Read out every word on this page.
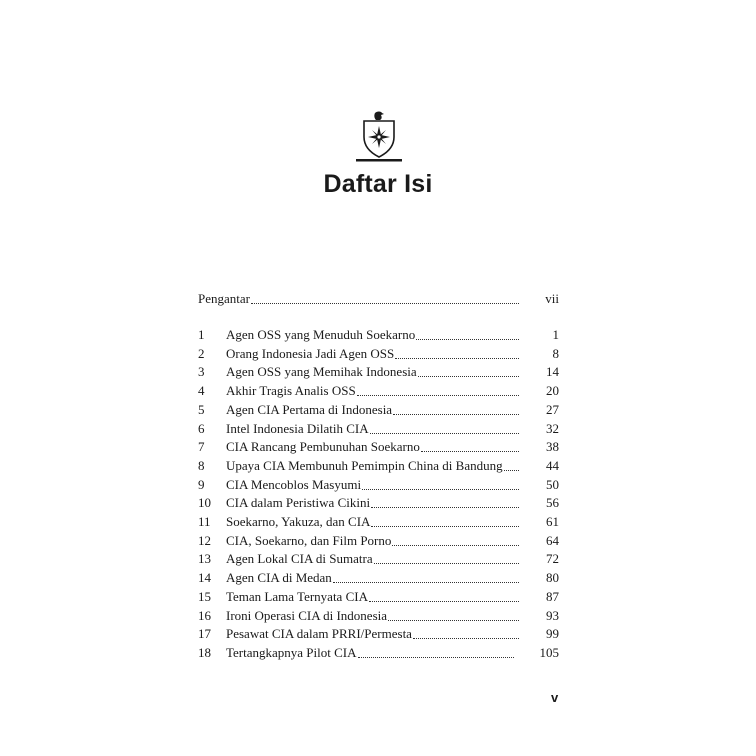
Daftar Isi
Pengantar	vii
1	Agen OSS yang Menuduh Soekarno	1
2	Orang Indonesia Jadi Agen OSS	8
3	Agen OSS yang Memihak Indonesia	14
4	Akhir Tragis Analis OSS	20
5	Agen CIA Pertama di Indonesia	27
6	Intel Indonesia Dilatih CIA	32
7	CIA Rancang Pembunuhan Soekarno	38
8	Upaya CIA Membunuh Pemimpin China di Bandung	44
9	CIA Mencoblos Masyumi	50
10	CIA dalam Peristiwa Cikini	56
11	Soekarno, Yakuza, dan CIA	61
12	CIA, Soekarno, dan Film Porno	64
13	Agen Lokal CIA di Sumatra	72
14	Agen CIA di Medan	80
15	Teman Lama Ternyata CIA	87
16	Ironi Operasi CIA di Indonesia	93
17	Pesawat CIA dalam PRRI/Permesta	99
18	Tertangkapnya Pilot CIA	105
v
